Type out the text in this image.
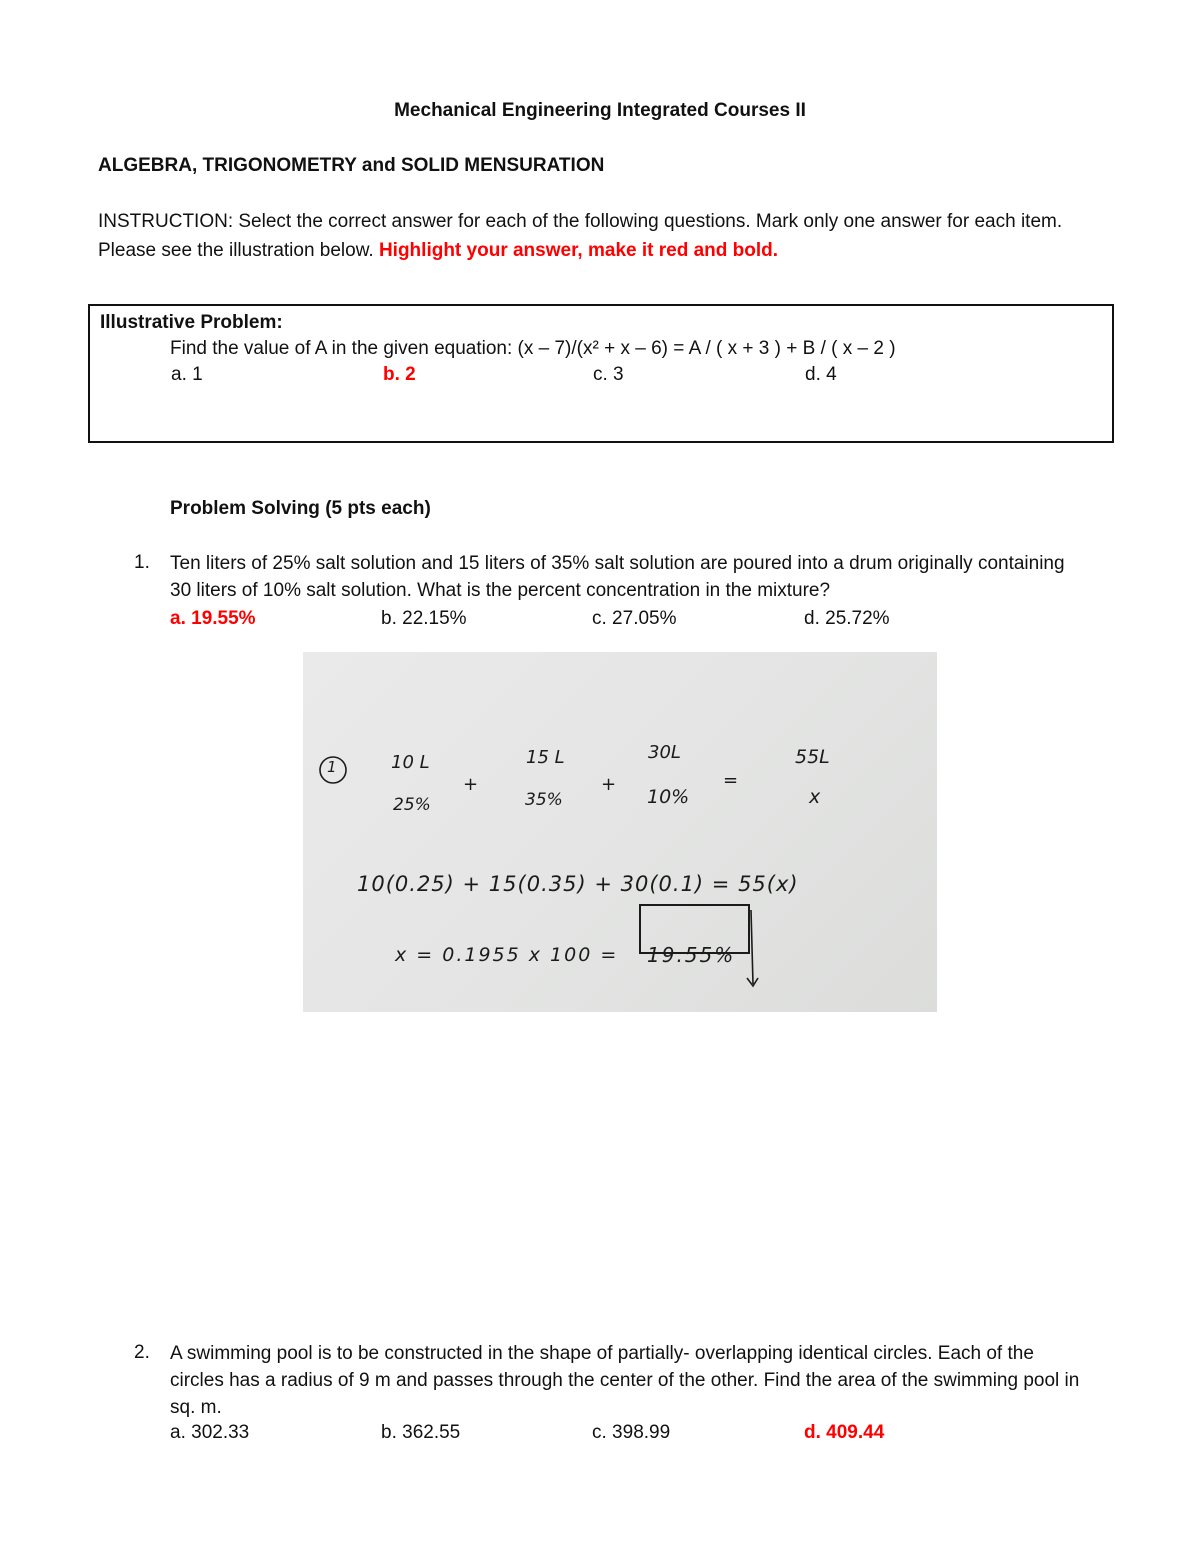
Mechanical Engineering Integrated Courses II
ALGEBRA, TRIGONOMETRY and SOLID MENSURATION
INSTRUCTION: Select the correct answer for each of the following questions. Mark only one answer for each item.
Please see the illustration below. Highlight your answer, make it red and bold.
Illustrative Problem:
Find the value of A in the given equation: (x – 7)/(x² + x – 6) = A / ( x + 3 ) + B / ( x – 2 )
a. 1	b. 2	c. 3	d. 4
Problem Solving (5 pts each)
1. Ten liters of 25% salt solution and 15 liters of 35% salt solution are poured into a drum originally containing
30 liters of 10% salt solution. What is the percent concentration in the mixture?
a. 19.55%	b. 22.15%	c. 27.05%	d. 25.72%
1	10 L
25%
+
15 L
35%
+
30L
10%
=
55L
x
10(0.25) + 15(0.35) + 30(0.1) = 55(x)
x = 0.1955 x 100 = 19.55%
2. A swimming pool is to be constructed in the shape of partially- overlapping identical circles. Each of the
circles has a radius of 9 m and passes through the center of the other. Find the area of the swimming pool in
sq. m.
a. 302.33	b. 362.55	c. 398.99	d. 409.44
